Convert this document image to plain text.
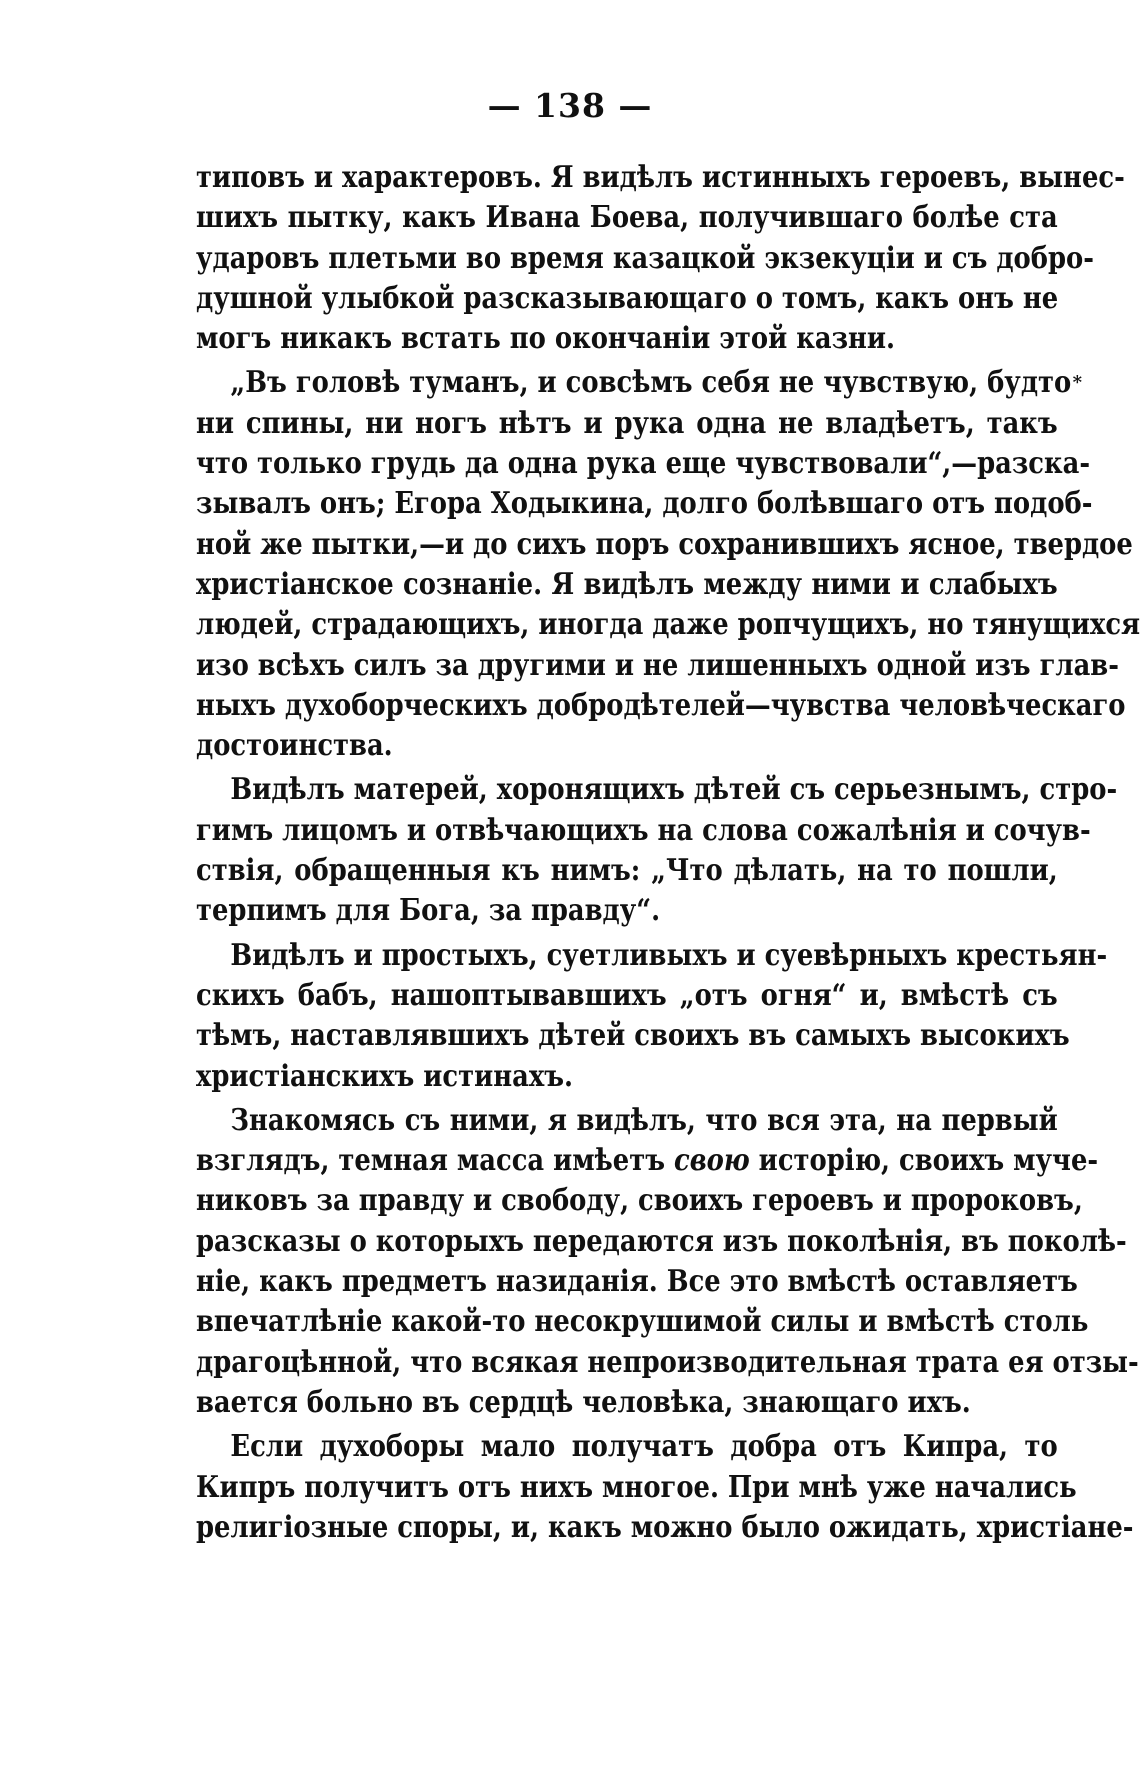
— 138 —
*
типовъ и характеровъ. Я видѣлъ истинныхъ героевъ, вынес-
шихъ пытку, какъ Ивана Боева, получившаго болѣе ста
ударовъ плетьми во время казацкой экзекуціи и съ добро-
душной улыбкой разсказывающаго о томъ, какъ онъ не
могъ никакъ встать по окончаніи этой казни.
„Въ головѣ туманъ, и совсѣмъ себя не чувствую, будто
ни спины, ни ногъ нѣтъ и рука одна не владѣетъ, такъ
что только грудь да одна рука еще чувствовали“,—разска-
зывалъ онъ; Егора Ходыкина, долго болѣвшаго отъ подоб-
ной же пытки,—и до сихъ поръ сохранившихъ ясное, твердое
христіанское сознаніе. Я видѣлъ между ними и слабыхъ
людей, страдающихъ, иногда даже ропчущихъ, но тянущихся
изо всѣхъ силъ за другими и не лишенныхъ одной изъ глав-
ныхъ духоборческихъ добродѣтелей—чувства человѣческаго
достоинства.
Видѣлъ матерей, хоронящихъ дѣтей съ серьезнымъ, стро-
гимъ лицомъ и отвѣчающихъ на слова сожалѣнія и сочув-
ствія, обращенныя къ нимъ: „Что дѣлать, на то пошли,
терпимъ для Бога, за правду“.
Видѣлъ и простыхъ, суетливыхъ и суевѣрныхъ крестьян-
скихъ бабъ, нашоптывавшихъ „отъ огня“ и, вмѣстѣ съ
тѣмъ, наставлявшихъ дѣтей своихъ въ самыхъ высокихъ
христіанскихъ истинахъ.
Знакомясь съ ними, я видѣлъ, что вся эта, на первый
взглядъ, темная масса имѣетъ свою исторію, своихъ муче-
никовъ за правду и свободу, своихъ героевъ и пророковъ,
разсказы о которыхъ передаются изъ поколѣнія, въ поколѣ-
ніе, какъ предметъ назиданія. Все это вмѣстѣ оставляетъ
впечатлѣніе какой-то несокрушимой силы и вмѣстѣ столь
драгоцѣнной, что всякая непроизводительная трата ея отзы-
вается больно въ сердцѣ человѣка, знающаго ихъ.
Если духоборы мало получатъ добра отъ Кипра, то
Кипръ получитъ отъ нихъ многое. При мнѣ уже начались
религіозные споры, и, какъ можно было ожидать, христіане-
